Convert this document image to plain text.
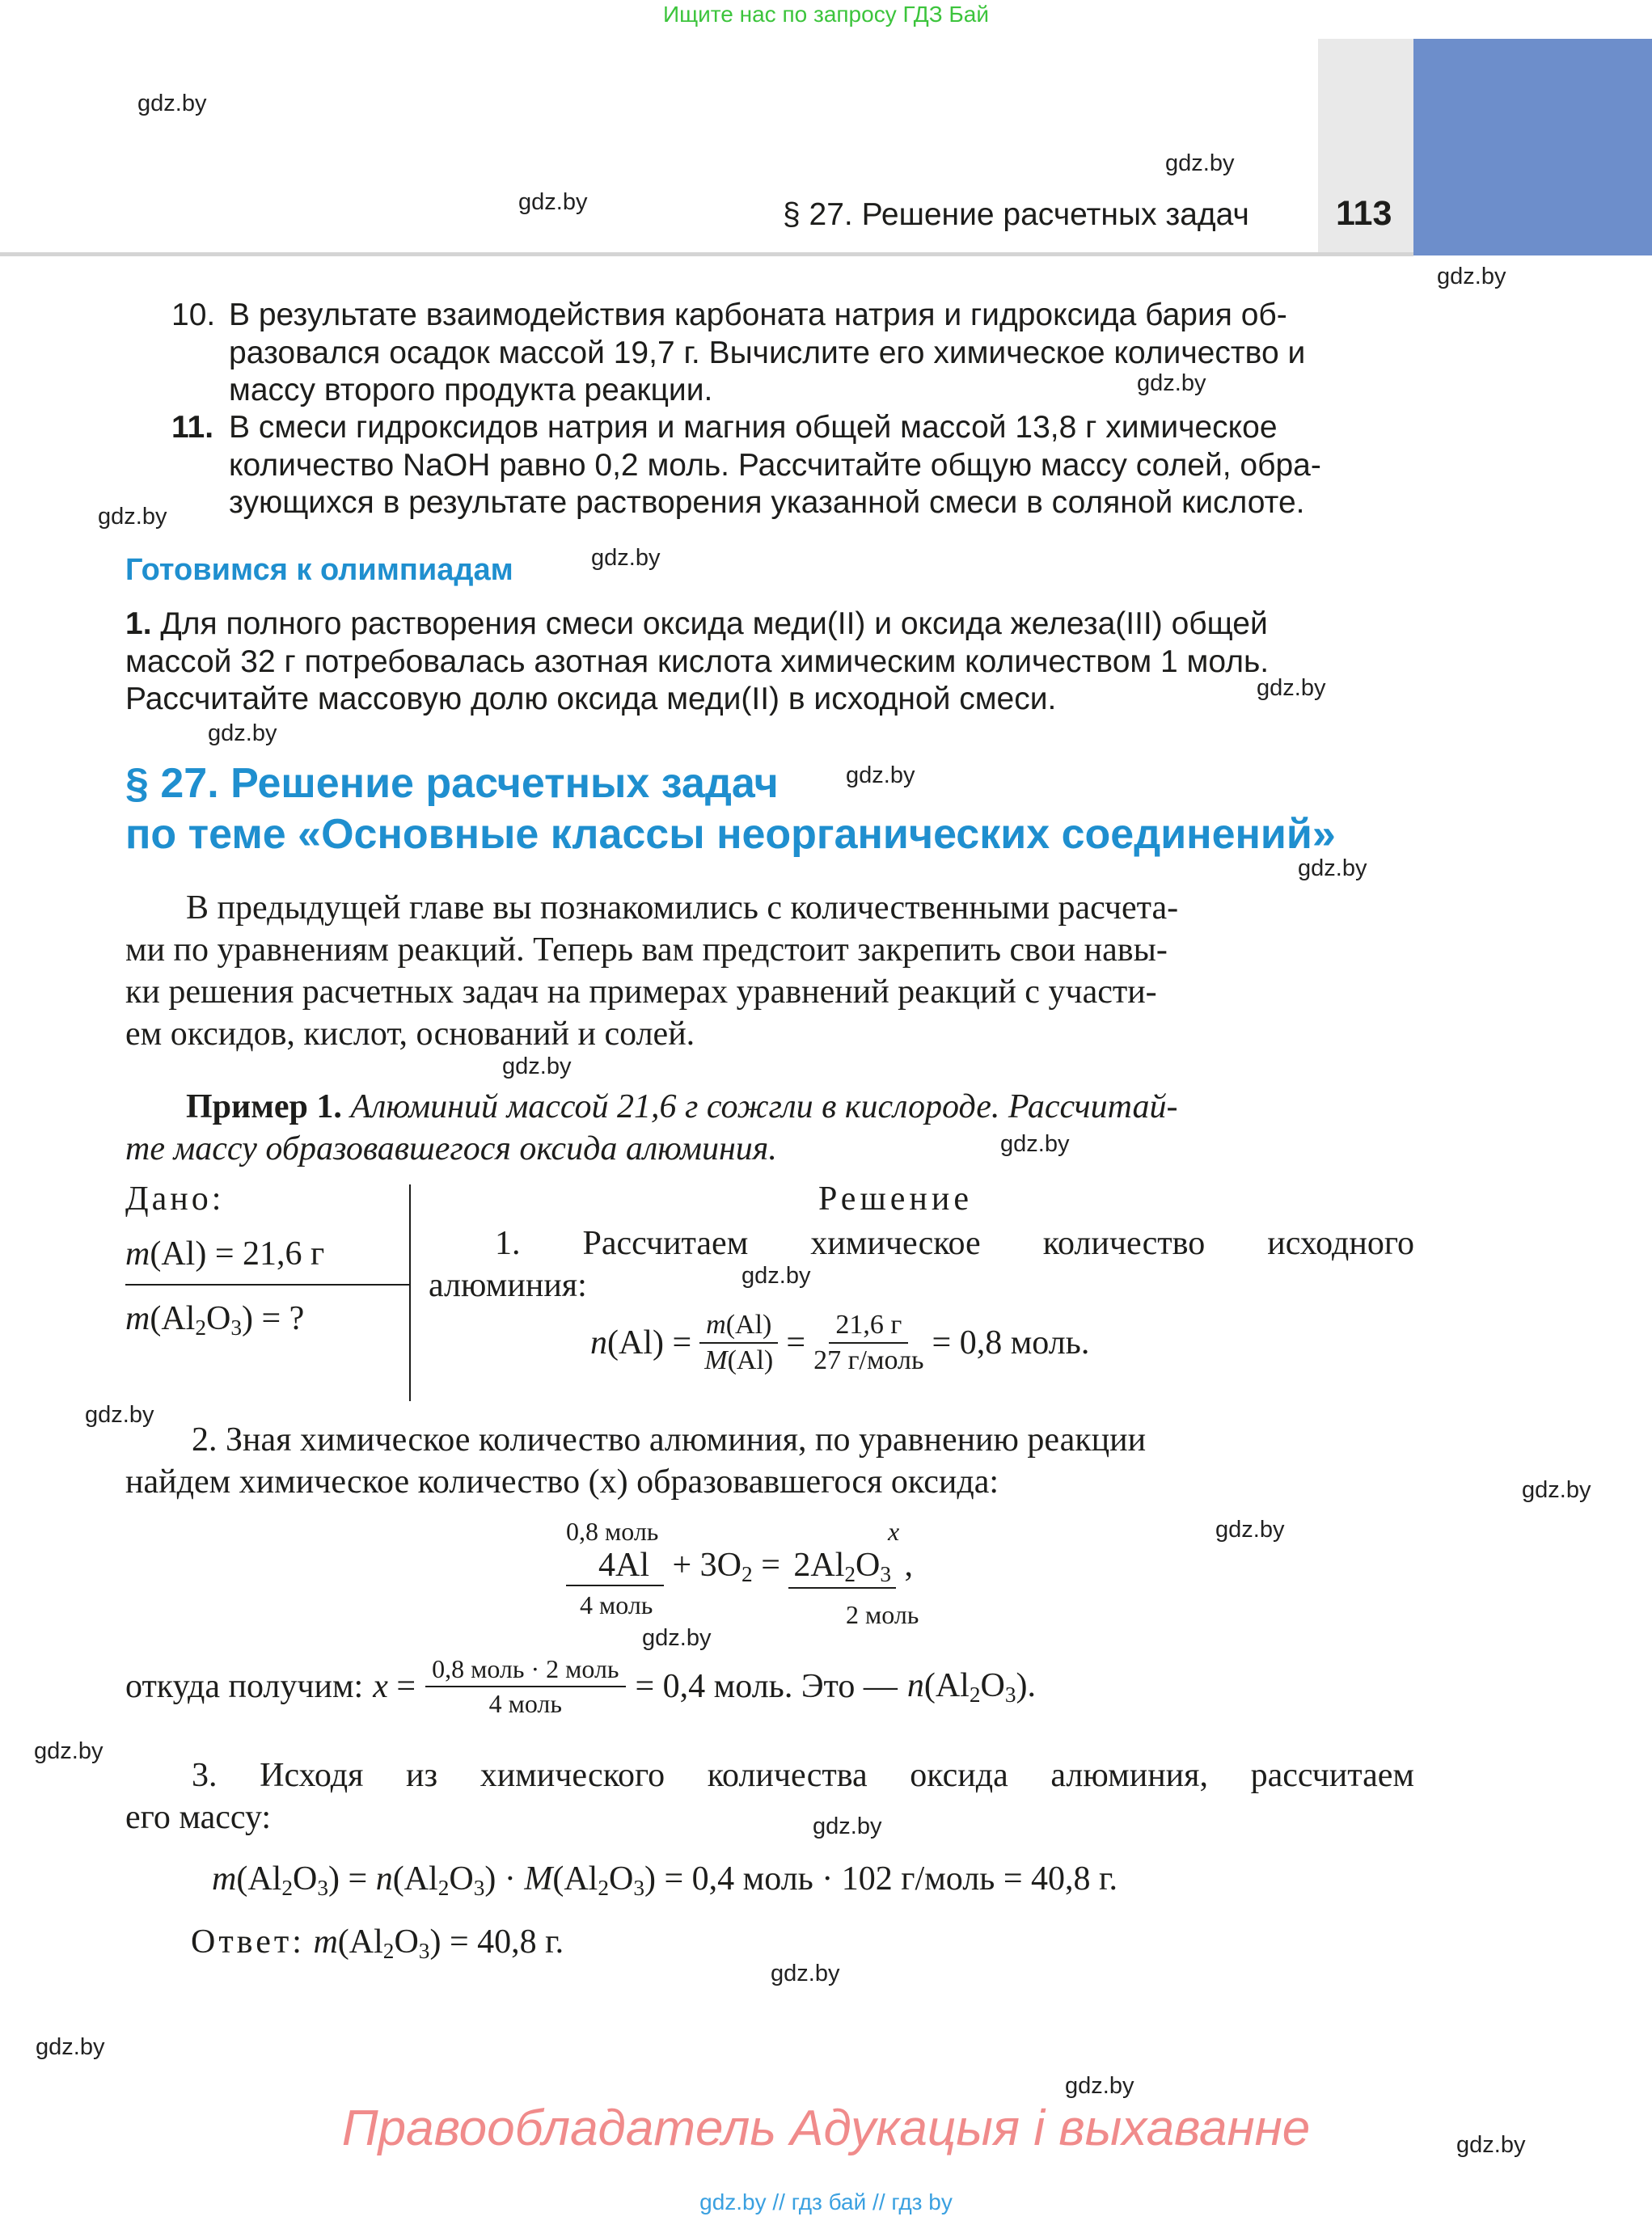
Ищите нас по запросу ГДЗ Бай
§ 27. Решение расчетных задач 113
gdz.by
gdz.by
gdz.by
gdz.by
gdz.by
gdz.by
gdz.by
gdz.by
gdz.by
gdz.by
gdz.by
gdz.by
gdz.by
gdz.by
gdz.by
gdz.by
gdz.by
gdz.by
gdz.by
gdz.by
gdz.by
gdz.by
gdz.by
gdz.by
10. В результате взаимодействия карбоната натрия и гидроксида бария об-
разовался осадок массой 19,7 г. Вычислите его химическое количество и
массу второго продукта реакции.
11. В смеси гидроксидов натрия и магния общей массой 13,8 г химическое
количество NaOH равно 0,2 моль. Рассчитайте общую массу солей, обра-
зующихся в результате растворения указанной смеси в соляной кислоте.
Готовимся к олимпиадам
1. Для полного растворения смеси оксида меди(II) и оксида железа(III) общей
массой 32 г потребовалась азотная кислота химическим количеством 1 моль.
Рассчитайте массовую долю оксида меди(II) в исходной смеси.
§ 27. Решение расчетных задач
по теме «Основные классы неорганических соединений»
В предыдущей главе вы познакомились с количественными расчета-
ми по уравнениям реакций. Теперь вам предстоит закрепить свои навы-
ки решения расчетных задач на примерах уравнений реакций с участи-
ем оксидов, кислот, оснований и солей.
Пример 1. Алюминий массой 21,6 г сожгли в кислороде. Рассчитай-
те массу образовавшегося оксида алюминия.
Дано:	Решение
m(Al) = 21,6 г
$m(Al_2O_3)$ = ?
1. Рассчитаем химическое количество исходного
алюминия:
$n(Al) = \frac{m(Al)}{M(Al)} = \frac{21,6 г}{\text{27 г/моль}} = 0,8$ моль.
2. Зная химическое количество алюминия, по уравнению реакции
найдем химическое количество (x) образовавшегося оксида:
0,8 моль	x
$4Al + 3O_2 = 2Al_2O_3$ ,
4 моль	2 моль
откуда получим: $x = \frac{\text{0,8 моль · 2 моль}}{\text{4 моль}} = 0,4$ моль. Это — $n(Al_2O_3)$.
3. Исходя из химического количества оксида алюминия, рассчитаем
его массу:
$m(Al_2O_3) = n(Al_2O_3) \cdot M(Al_2O_3) = 0,4$ моль · 102 г/моль = 40,8 г.
Ответ: $m(Al_2O_3) = 40,8$ г.
Правообладатель Адукацыя і выхаванне
gdz.by // гдз бай // гдз by
